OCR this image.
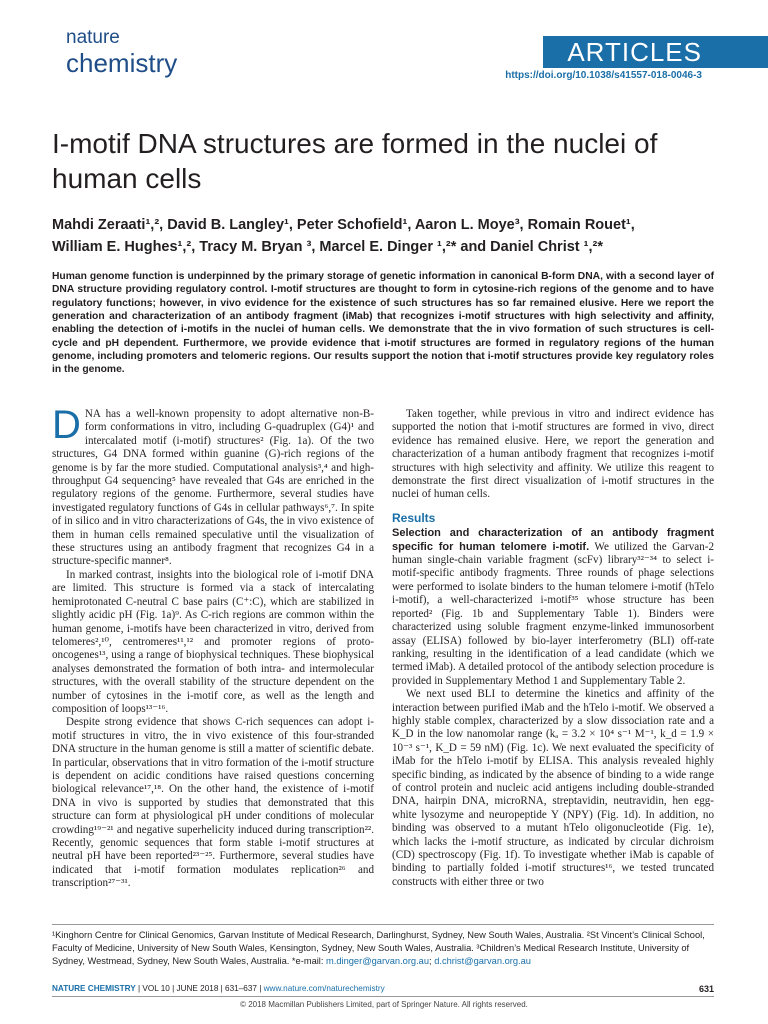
nature
chemistry	ARTICLES
https://doi.org/10.1038/s41557-018-0046-3
I-motif DNA structures are formed in the nuclei of human cells
Mahdi Zeraati¹,², David B. Langley¹, Peter Schofield¹, Aaron L. Moye³, Romain Rouet¹,
William E. Hughes¹,², Tracy M. Bryan ³, Marcel E. Dinger ¹,²* and Daniel Christ ¹,²*

Human genome function is underpinned by the primary storage of genetic information in canonical B-form DNA, with a second layer of DNA structure providing regulatory control. I-motif structures are thought to form in cytosine-rich regions of the genome and to have regulatory functions; however, in vivo evidence for the existence of such structures has so far remained elusive. Here we report the generation and characterization of an antibody fragment (iMab) that recognizes i-motif structures with high selectivity and affinity, enabling the detection of i-motifs in the nuclei of human cells. We demonstrate that the in vivo formation of such structures is cell-cycle and pH dependent. Furthermore, we provide evidence that i-motif structures are formed in regulatory regions of the human genome, including promoters and telomeric regions. Our results support the notion that i-motif structures provide key regulatory roles in the genome.

DNA has a well-known propensity to adopt alternative non-B-form conformations in vitro, including G-quadruplex (G4)¹ and intercalated motif (i-motif) structures² (Fig. 1a). Of the two structures, G4 DNA formed within guanine (G)-rich regions of the genome is by far the more studied. Computational analysis³,⁴ and high-throughput G4 sequencing⁵ have revealed that G4s are enriched in the regulatory regions of the genome. Furthermore, several studies have investigated regulatory functions of G4s in cellular pathways⁶,⁷. In spite of in silico and in vitro characterizations of G4s, the in vivo existence of them in human cells remained speculative until the visualization of these structures using an antibody fragment that recognizes G4 in a structure-specific manner⁸.

In marked contrast, insights into the biological role of i-motif DNA are limited. This structure is formed via a stack of intercalating hemiprotonated C-neutral C base pairs (C⁺:C), which are stabilized in slightly acidic pH (Fig. 1a)⁹. As C-rich regions are common within the human genome, i-motifs have been characterized in vitro, derived from telomeres²,¹⁰, centromeres¹¹,¹² and promoter regions of proto-oncogenes¹³, using a range of biophysical techniques. These biophysical analyses demonstrated the formation of both intra- and intermolecular structures, with the overall stability of the structure dependent on the number of cytosines in the i-motif core, as well as the length and composition of loops¹³⁻¹⁶.

Despite strong evidence that shows C-rich sequences can adopt i-motif structures in vitro, the in vivo existence of this four-stranded DNA structure in the human genome is still a matter of scientific debate. In particular, observations that in vitro formation of the i-motif structure is dependent on acidic conditions have raised questions concerning biological relevance¹⁷,¹⁸. On the other hand, the existence of i-motif DNA in vivo is supported by studies that demonstrated that this structure can form at physiological pH under conditions of molecular crowding¹⁹⁻²¹ and negative superhelicity induced during transcription²². Recently, genomic sequences that form stable i-motif structures at neutral pH have been reported²³⁻²⁵. Furthermore, several studies have indicated that i-motif formation modulates replication²⁶ and transcription²⁷⁻³¹.

Taken together, while previous in vitro and indirect evidence has supported the notion that i-motif structures are formed in vivo, direct evidence has remained elusive. Here, we report the generation and characterization of a human antibody fragment that recognizes i-motif structures with high selectivity and affinity. We utilize this reagent to demonstrate the first direct visualization of i-motif structures in the nuclei of human cells.

Results

Selection and characterization of an antibody fragment specific for human telomere i-motif. We utilized the Garvan-2 human single-chain variable fragment (scFv) library³²⁻³⁴ to select i-motif-specific antibody fragments. Three rounds of phage selections were performed to isolate binders to the human telomere i-motif (hTelo i-motif), a well-characterized i-motif³⁵ whose structure has been reported² (Fig. 1b and Supplementary Table 1). Binders were characterized using soluble fragment enzyme-linked immunosorbent assay (ELISA) followed by bio-layer interferometry (BLI) off-rate ranking, resulting in the identification of a lead candidate (which we termed iMab). A detailed protocol of the antibody selection procedure is provided in Supplementary Method 1 and Supplementary Table 2.

We next used BLI to determine the kinetics and affinity of the interaction between purified iMab and the hTelo i-motif. We observed a highly stable complex, characterized by a slow dissociation rate and a K_D in the low nanomolar range (kₐ = 3.2 × 10⁴ s⁻¹ M⁻¹, k_d = 1.9 × 10⁻³ s⁻¹, K_D = 59 nM) (Fig. 1c). We next evaluated the specificity of iMab for the hTelo i-motif by ELISA. This analysis revealed highly specific binding, as indicated by the absence of binding to a wide range of control protein and nucleic acid antigens including double-stranded DNA, hairpin DNA, microRNA, streptavidin, neutravidin, hen egg-white lysozyme and neuropeptide Y (NPY) (Fig. 1d). In addition, no binding was observed to a mutant hTelo oligonucleotide (Fig. 1e), which lacks the i-motif structure, as indicated by circular dichroism (CD) spectroscopy (Fig. 1f). To investigate whether iMab is capable of binding to partially folded i-motif structures¹⁶, we tested truncated constructs with either three or two

¹Kinghorn Centre for Clinical Genomics, Garvan Institute of Medical Research, Darlinghurst, Sydney, New South Wales, Australia. ²St Vincent’s Clinical School, Faculty of Medicine, University of New South Wales, Kensington, Sydney, New South Wales, Australia. ³Children’s Medical Research Institute, University of Sydney, Westmead, Sydney, New South Wales, Australia. *e-mail: m.dinger@garvan.org.au; d.christ@garvan.org.au

NATURE CHEMISTRY | VOL 10 | JUNE 2018 | 631–637 | www.nature.com/naturechemistry	631
© 2018 Macmillan Publishers Limited, part of Springer Nature. All rights reserved.
